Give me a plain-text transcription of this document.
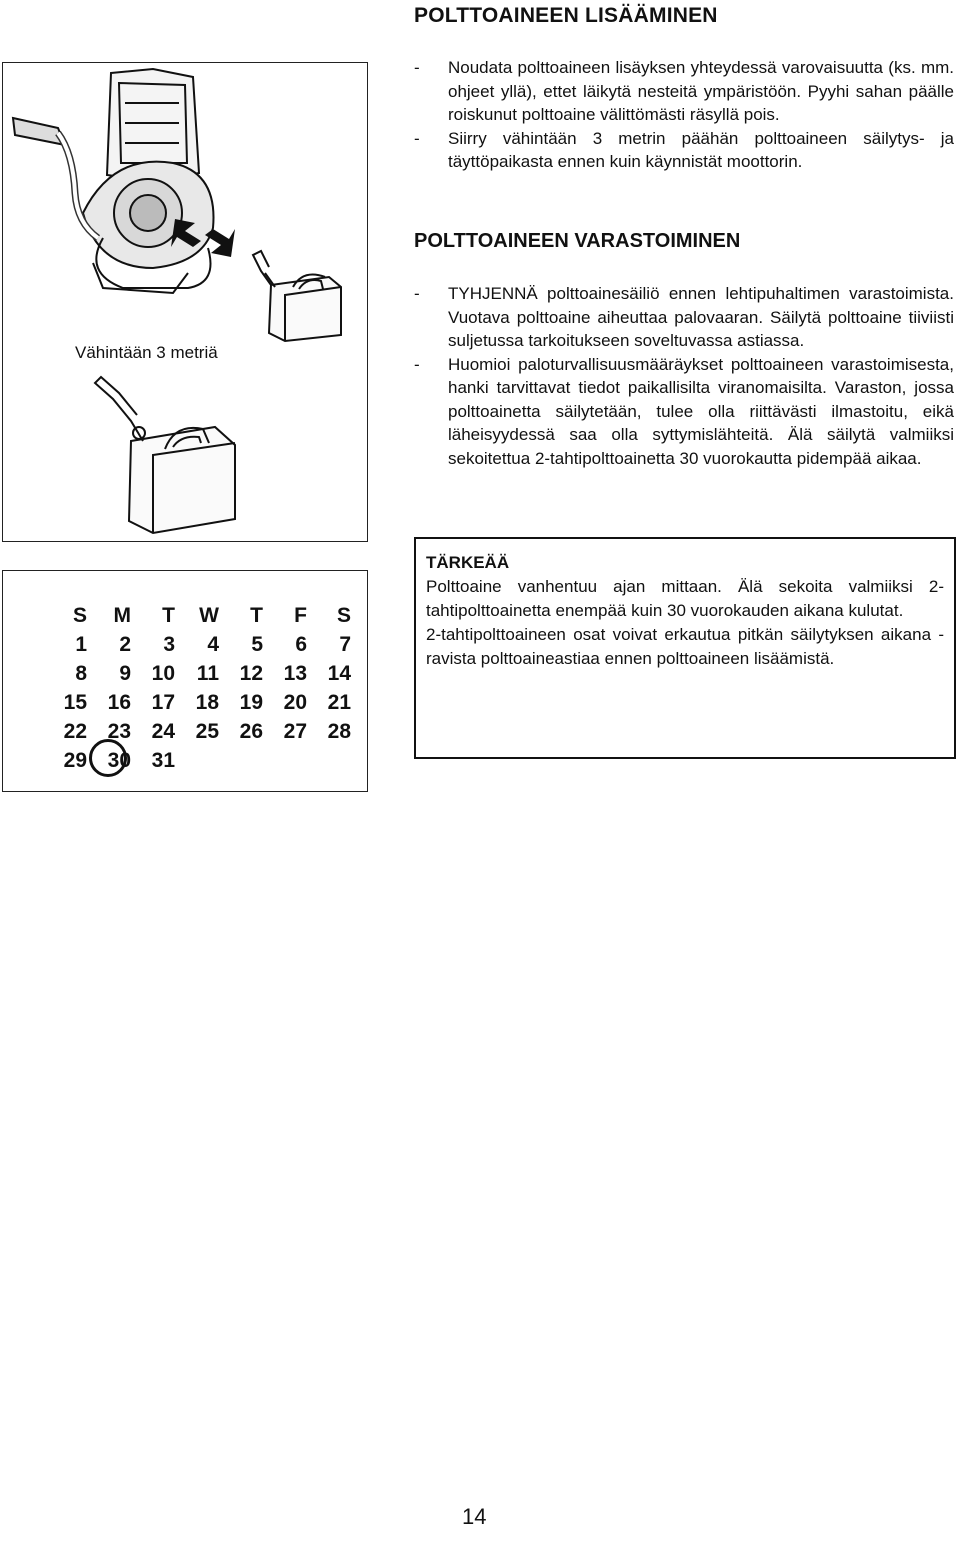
Vähintään 3 metriä
S	M	T	W	T	F	S
1	2	3	4	5	6	7
8	9 10	11 12 13 14
15 16 17 18 19 20 21
22 23 24 25 26 27 28
29 30 31
POLTTOAINEEN LISÄÄMINEN
-	Noudata polttoaineen lisäyksen yhteydessä varovaisuutta (ks. mm. ohjeet yllä), ettet läikytä nesteitä ympäristöön. Pyyhi sahan päälle roiskunut polttoaine välittömästi räsyllä pois.
-	Siirry vähintään 3 metrin päähän polttoaineen säilytys- ja täyttöpaikasta ennen kuin käynnistät moottorin.
POLTTOAINEEN VARASTOIMINEN
-	TYHJENNÄ polttoainesäiliö ennen lehtipuhaltimen varastoimista. Vuotava polttoaine aiheuttaa palovaaran. Säilytä polttoaine tiiviisti suljetussa tarkoitukseen soveltuvassa astiassa.
-	Huomioi paloturvallisuusmääräykset polttoaineen varastoimisesta, hanki tarvittavat tiedot paikallisilta viranomaisilta. Varaston, jossa polttoainetta säilytetään, tulee olla riittävästi ilmastoitu, eikä läheisyydessä saa olla syttymislähteitä. Älä säilytä valmiiksi sekoitettua 2-tahtipolttoainetta 30 vuorokautta pidempää aikaa.
TÄRKEÄÄ

Polttoaine vanhentuu ajan mittaan. Älä sekoita valmiiksi 2-tahtipolttoainetta enempää kuin 30 vuorokauden aikana kulutat.

2-tahtipolttoaineen osat voivat erkautua pitkän säilytyksen aikana - ravista polttoaineastiaa ennen polttoaineen lisäämistä.

14
